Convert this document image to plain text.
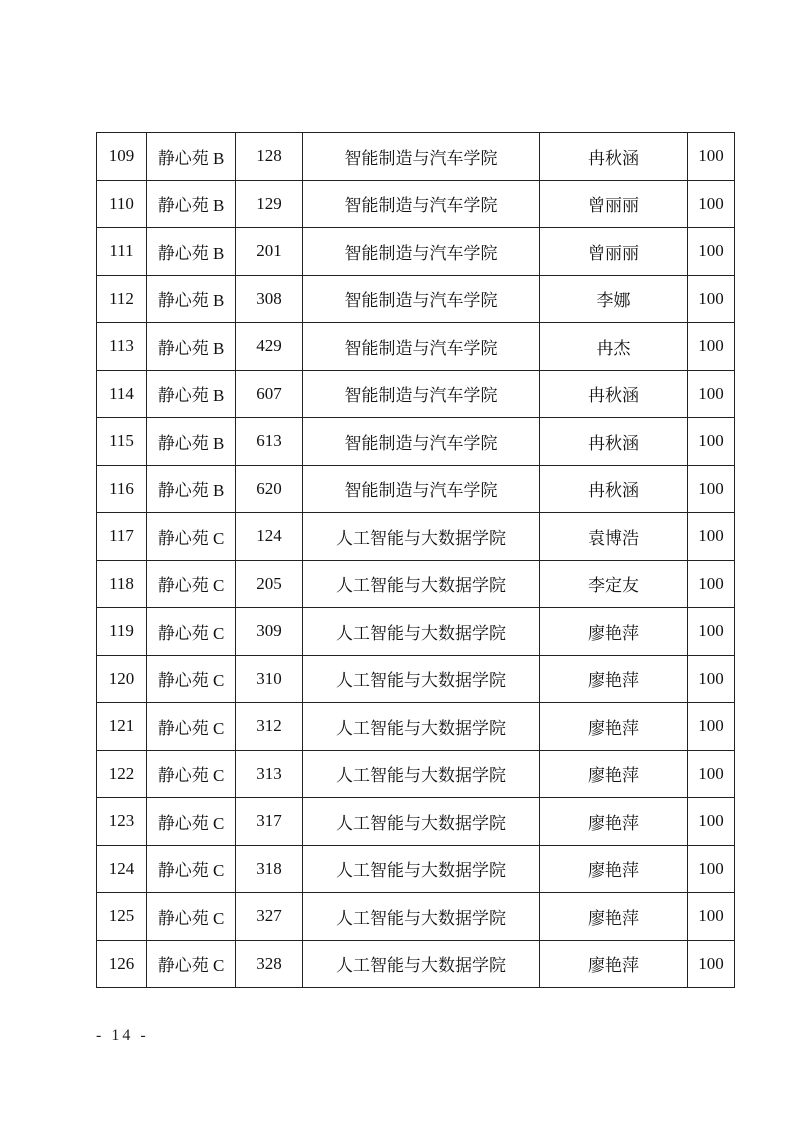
109	静心苑 B	128	智能制造与汽车学院	冉秋涵	100
110	静心苑 B	129	智能制造与汽车学院	曾丽丽	100
111	静心苑 B	201	智能制造与汽车学院	曾丽丽	100
112	静心苑 B	308	智能制造与汽车学院	李娜	100
113	静心苑 B	429	智能制造与汽车学院	冉杰	100
114	静心苑 B	607	智能制造与汽车学院	冉秋涵	100
115	静心苑 B	613	智能制造与汽车学院	冉秋涵	100
116	静心苑 B	620	智能制造与汽车学院	冉秋涵	100
117	静心苑 C	124	人工智能与大数据学院	袁博浩	100
118	静心苑 C	205	人工智能与大数据学院	李定友	100
119	静心苑 C	309	人工智能与大数据学院	廖艳萍	100
120	静心苑 C	310	人工智能与大数据学院	廖艳萍	100
121	静心苑 C	312	人工智能与大数据学院	廖艳萍	100
122	静心苑 C	313	人工智能与大数据学院	廖艳萍	100
123	静心苑 C	317	人工智能与大数据学院	廖艳萍	100
124	静心苑 C	318	人工智能与大数据学院	廖艳萍	100
125	静心苑 C	327	人工智能与大数据学院	廖艳萍	100
126	静心苑 C	328	人工智能与大数据学院	廖艳萍	100
- 14 -
